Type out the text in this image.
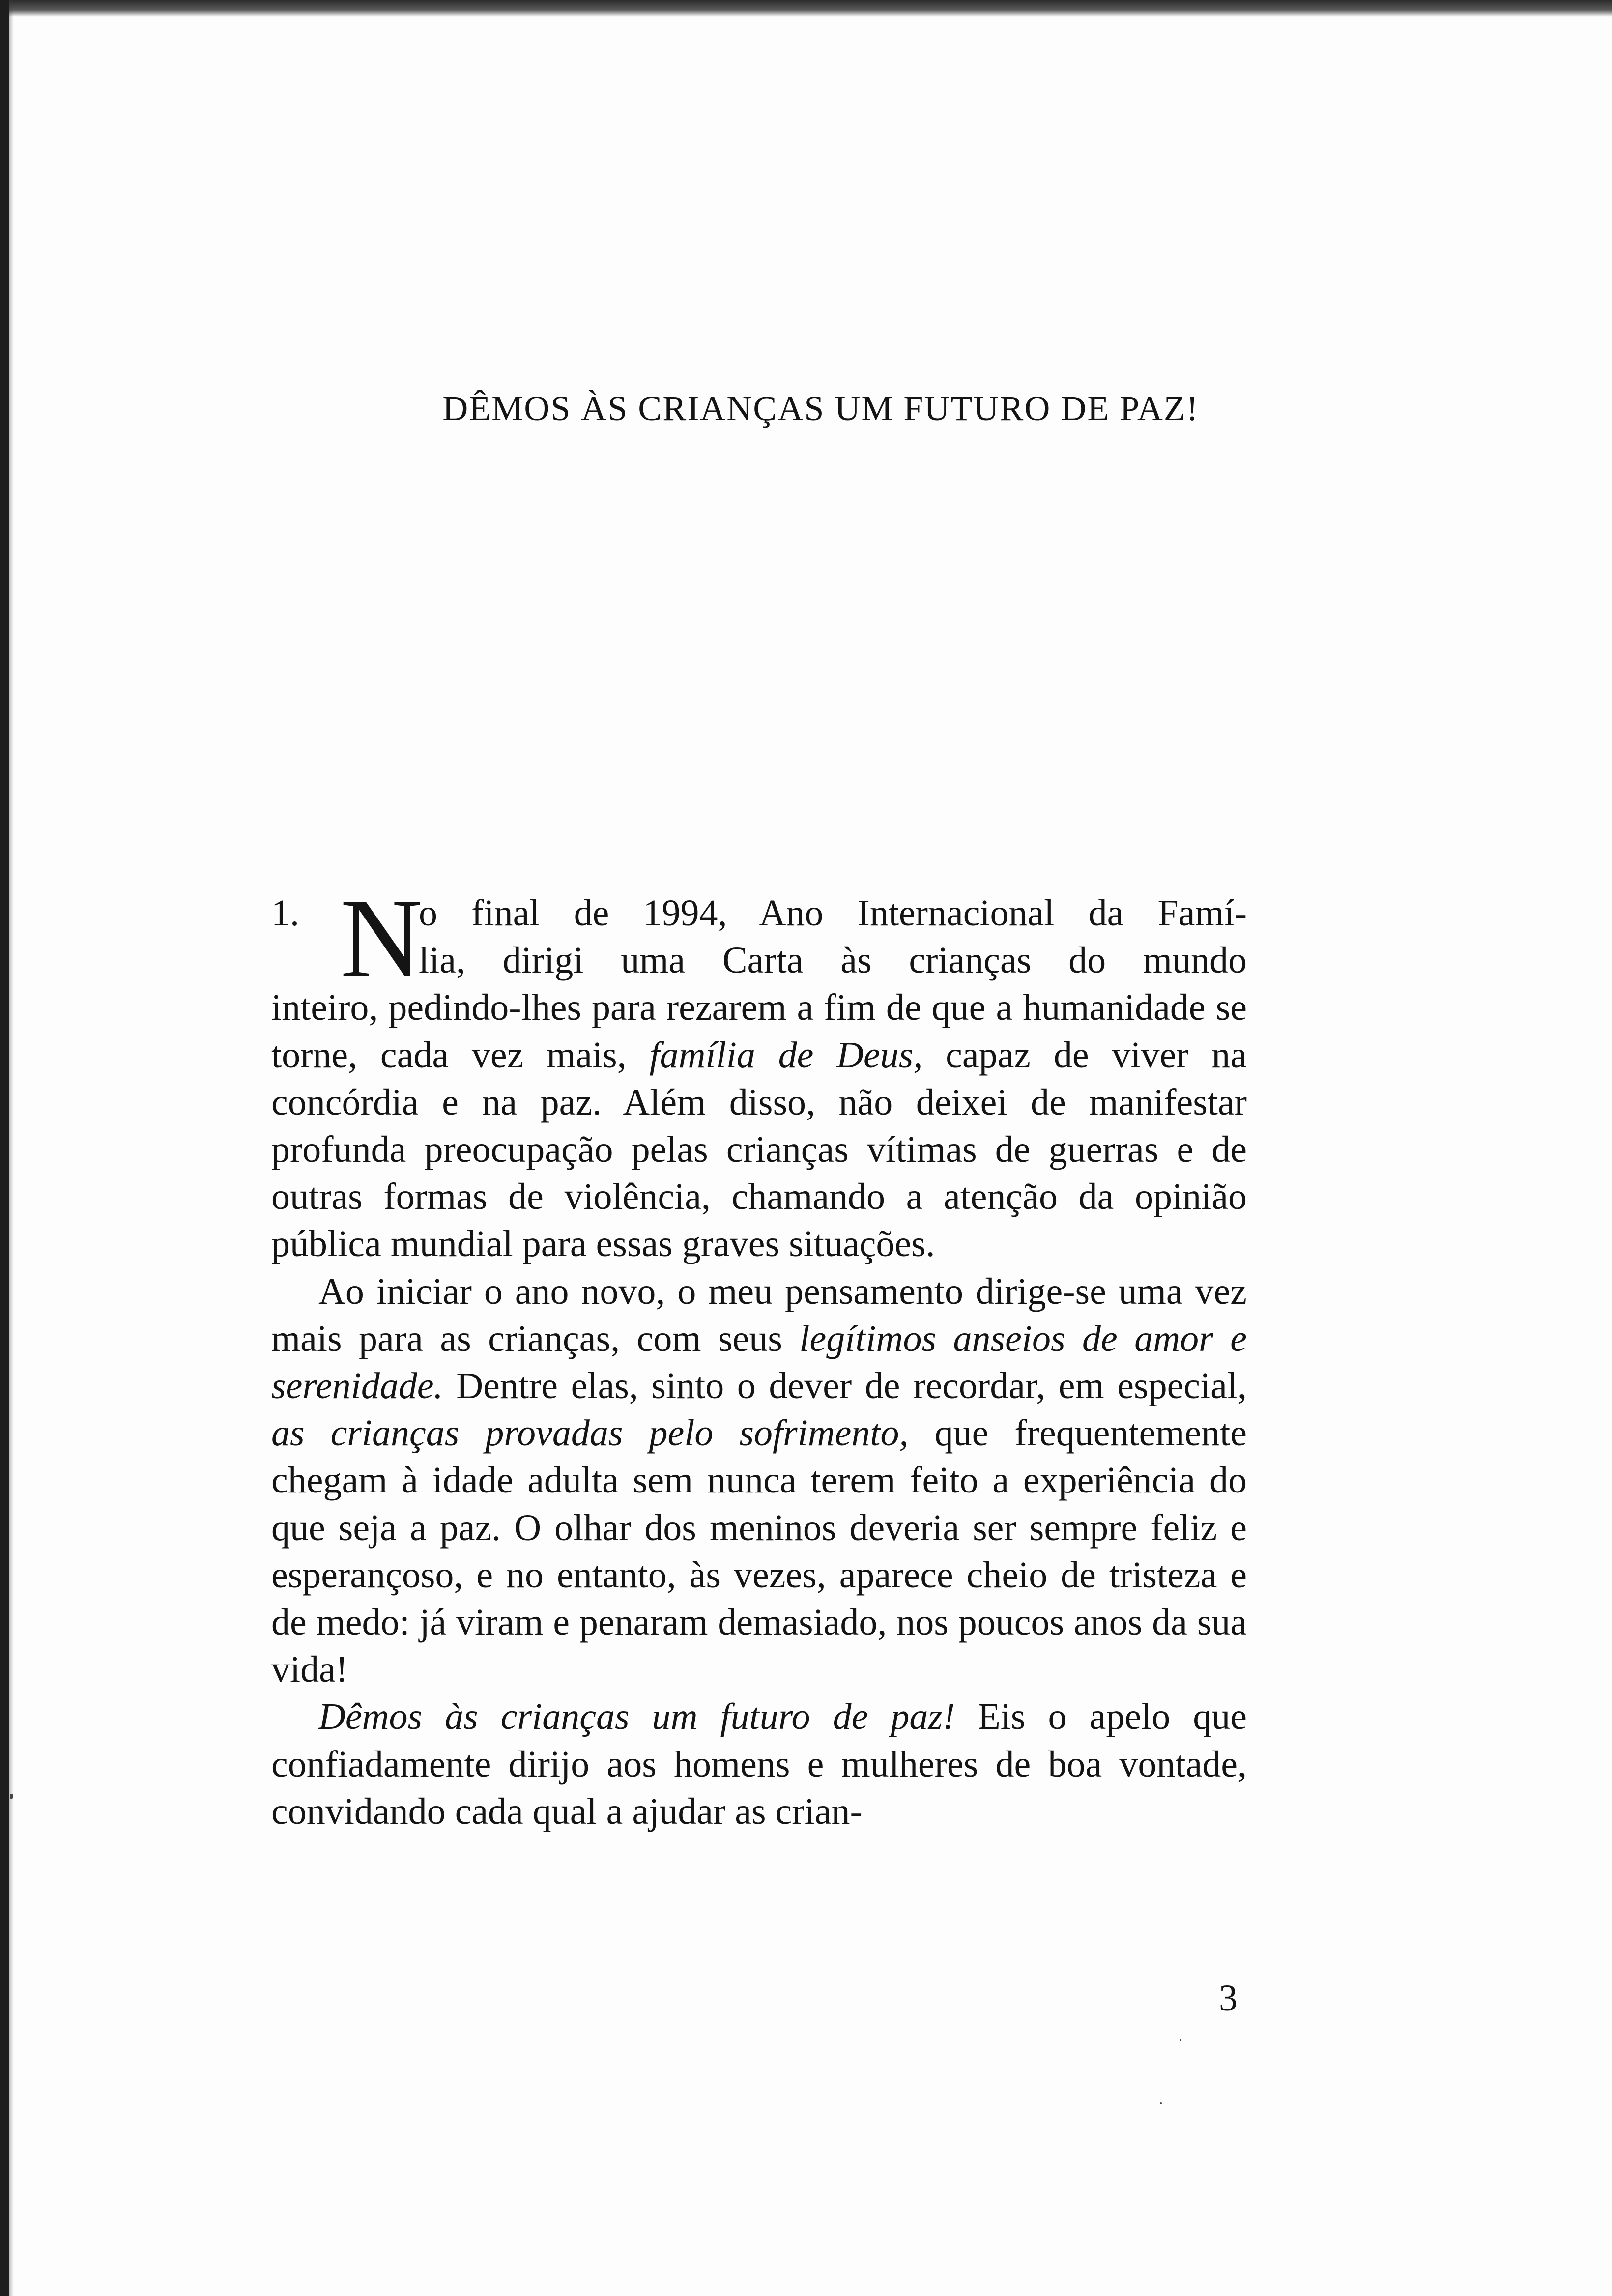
DÊMOS ÀS CRIANÇAS UM FUTURO DE PAZ!
1. N
o final de 1994, Ano Internacional da Famí-
lia, dirigi uma Carta às crianças do mundo

inteiro, pedindo-lhes para rezarem a fim de que a humanidade se torne, cada vez mais, família de Deus, capaz de viver na concórdia e na paz. Além disso, não deixei de manifestar profunda preocupação pelas crianças vítimas de guerras e de outras formas de violência, chamando a atenção da opinião pública mundial para essas graves situações.

Ao iniciar o ano novo, o meu pensamento dirige-se uma vez mais para as crianças, com seus legítimos anseios de amor e serenidade. Dentre elas, sinto o dever de recordar, em especial, as crianças provadas pelo sofrimento, que frequentemente chegam à idade adulta sem nunca terem feito a experiência do que seja a paz. O olhar dos meninos deveria ser sempre feliz e esperançoso, e no entanto, às vezes, aparece cheio de tristeza e de medo: já viram e penaram demasiado, nos poucos anos da sua vida!

Dêmos às crianças um futuro de paz! Eis o apelo que confiadamente dirijo aos homens e mulheres de boa vontade, convidando cada qual a ajudar as crian-

3
